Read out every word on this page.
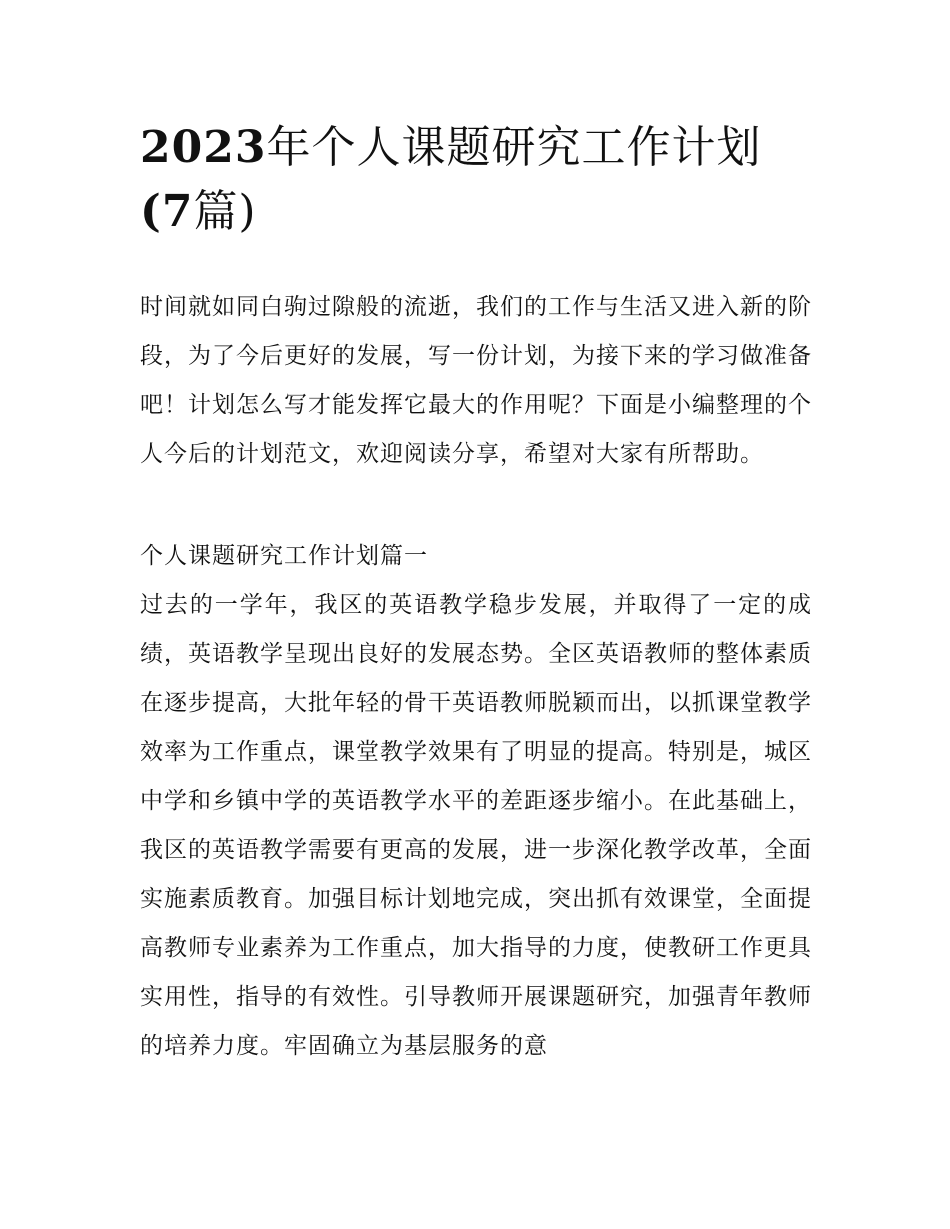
2023年个人课题研究工作计划
(7篇)

时间就如同白驹过隙般的流逝，我们的工作与生活又进入新的阶段，为了今后更好的发展，写一份计划，为接下来的学习做准备吧！计划怎么写才能发挥它最大的作用呢？下面是小编整理的个人今后的计划范文，欢迎阅读分享，希望对大家有所帮助。

个人课题研究工作计划篇一

过去的一学年，我区的英语教学稳步发展，并取得了一定的成绩，英语教学呈现出良好的发展态势。全区英语教师的整体素质在逐步提高，大批年轻的骨干英语教师脱颖而出，以抓课堂教学效率为工作重点，课堂教学效果有了明显的提高。特别是，城区中学和乡镇中学的英语教学水平的差距逐步缩小。在此基础上，我区的英语教学需要有更高的发展，进一步深化教学改革，全面实施素质教育。加强目标计划地完成，突出抓有效课堂，全面提高教师专业素养为工作重点，加大指导的力度，使教研工作更具实用性，指导的有效性。引导教师开展课题研究，加强青年教师的培养力度。牢固确立为基层服务的意
